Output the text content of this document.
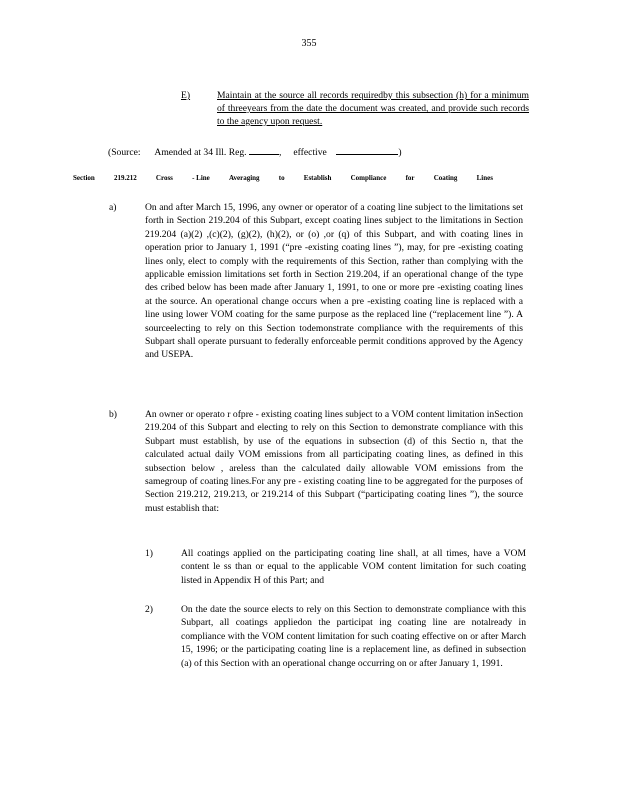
355
E)	Maintain at the source all records requiredby this subsection (h) for a minimum of threeyears from the date the document was created, and provide such records to the agency upon request.
(Source: Amended at 34 Ill. Reg.	, effective	)
Section	219.212	Cross	- Line	Averaging	to	Establish	Compliance	for	Coating	Lines
a)	On and after March 15, 1996, any owner or operator of a coating line subject to the limitations set forth in Section 219.204 of this Subpart, except coating lines subject to the limitations in Section 219.204 (a)(2) ,(c)(2), (g)(2), (h)(2), or (o) ,or (q) of this Subpart, and with coating lines in operation prior to January 1, 1991 (“pre -existing coating lines ”), may, for pre -existing coating lines only, elect to comply with the requirements of this Section, rather than complying with the applicable emission limitations set forth in Section 219.204, if an operational change of the type des cribed below has been made after January 1, 1991, to one or more pre -existing coating lines at the source. An operational change occurs when a pre -existing coating line is replaced with a line using lower VOM coating for the same purpose as the replaced line (“replacement line ”). A sourceelecting to rely on this Section todemonstrate compliance with the requirements of this Subpart shall operate pursuant to federally enforceable permit conditions approved by the Agency and USEPA.
b)	An owner or operato r ofpre - existing coating lines subject to a VOM content limitation inSection 219.204 of this Subpart and electing to rely on this Section to demonstrate compliance with this Subpart must establish, by use of the equations in subsection (d) of this Sectio n, that the calculated actual daily VOM emissions from all participating coating lines, as defined in this subsection below , areless than the calculated daily allowable VOM emissions from the samegroup of coating lines.For any pre - existing coating line to be aggregated for the purposes of Section 219.212, 219.213, or 219.214 of this Subpart (“participating coating lines ”), the source must establish that:
1)	All coatings applied on the participating coating line shall, at all times, have a VOM content le ss than or equal to the applicable VOM content limitation for such coating listed in Appendix H of this Part; and
2)	On the date the source elects to rely on this Section to demonstrate compliance with this Subpart, all coatings appliedon the participat ing coating line are notalready in compliance with the VOM content limitation for such coating effective on or after March 15, 1996; or the participating coating line is a replacement line, as defined in subsection (a) of this Section with an operational change occurring on or after January 1, 1991.
